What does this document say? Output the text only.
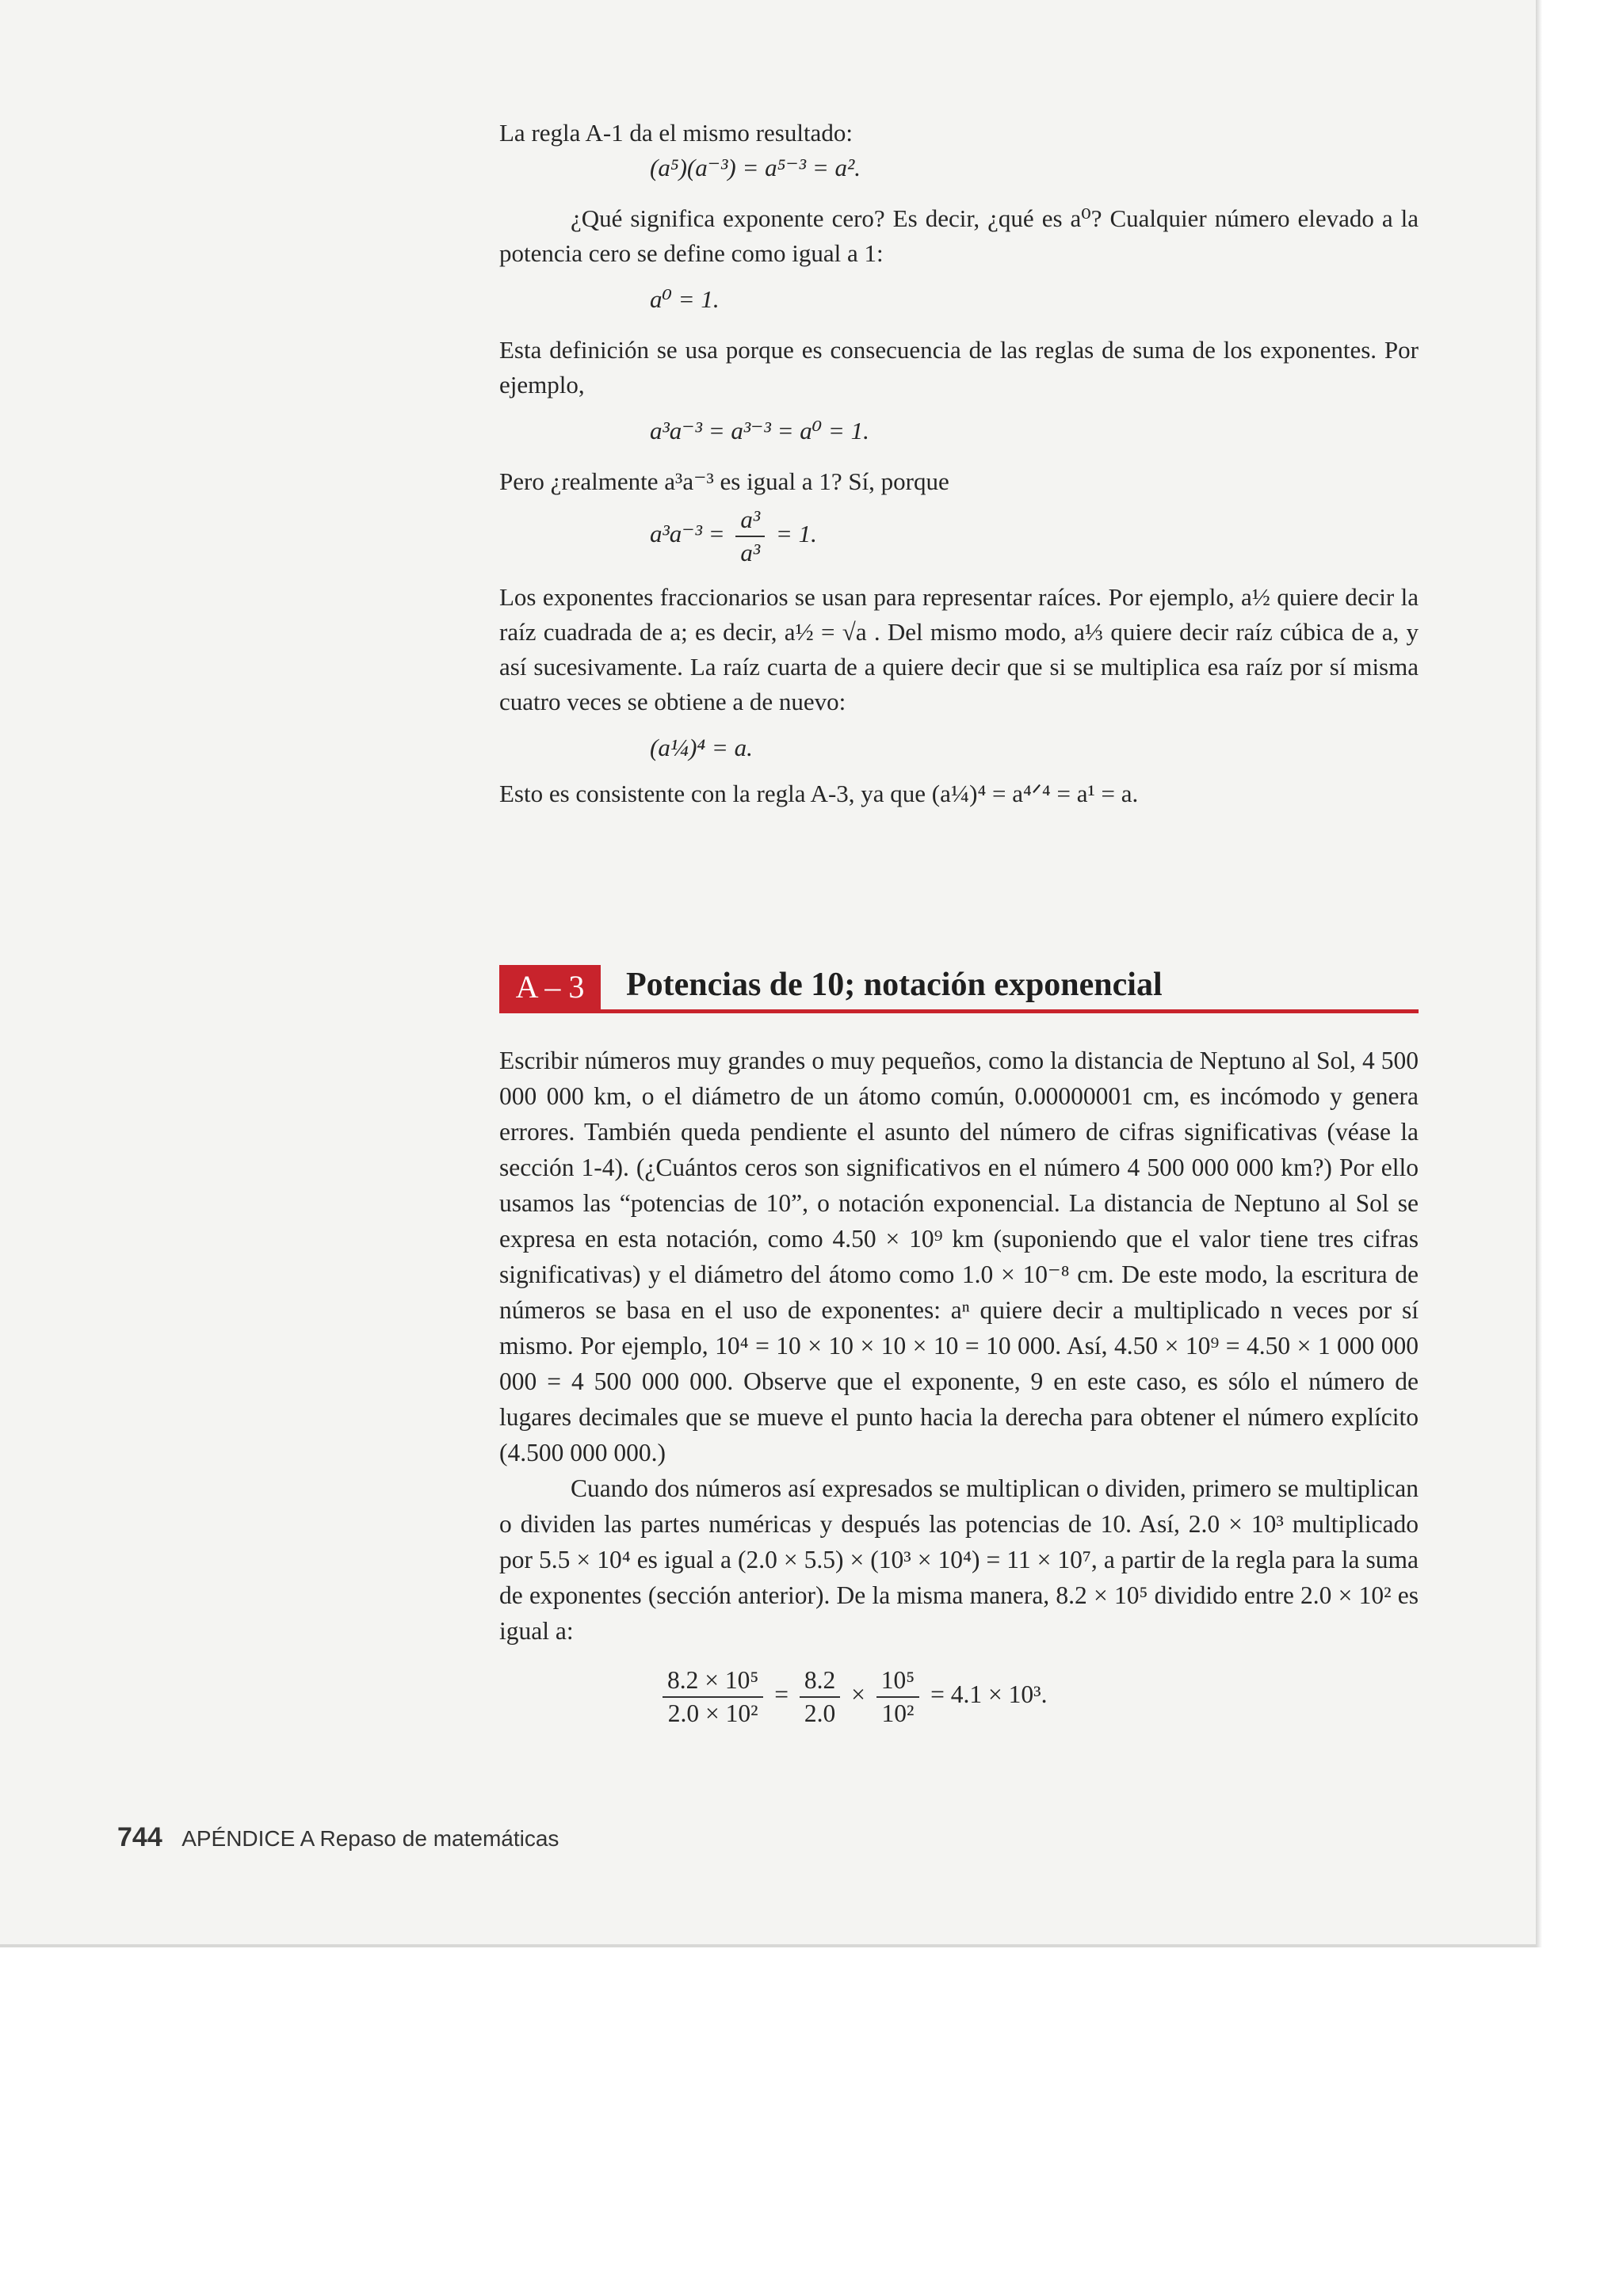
La regla A-1 da el mismo resultado:

(a⁵)(a⁻³) = a⁵⁻³ = a².

¿Qué significa exponente cero? Es decir, ¿qué es a⁰? Cualquier número elevado a la potencia cero se define como igual a 1:

a⁰ = 1.

Esta definición se usa porque es consecuencia de las reglas de suma de los exponentes. Por ejemplo,

a³a⁻³ = a³⁻³ = a⁰ = 1.

Pero ¿realmente a³a⁻³ es igual a 1? Sí, porque

$a^3a^{-3} = \frac{\text{a³}}{\text{a³}} = 1$.

Los exponentes fraccionarios se usan para representar raíces. Por ejemplo, a½ quiere decir la raíz cuadrada de a; es decir, a½ = √a . Del mismo modo, a⅓ quiere decir raíz cúbica de a, y así sucesivamente. La raíz cuarta de a quiere decir que si se multiplica esa raíz por sí misma cuatro veces se obtiene a de nuevo:

(a¼)⁴ = a.

Esto es consistente con la regla A-3, ya que (a¼)⁴ = a⁴ᐟ⁴ = a¹ = a.

A – 3	Potencias de 10; notación exponencial

Escribir números muy grandes o muy pequeños, como la distancia de Neptuno al Sol, 4 500 000 000 km, o el diámetro de un átomo común, 0.00000001 cm, es incómodo y genera errores. También queda pendiente el asunto del número de cifras significativas (véase la sección 1-4). (¿Cuántos ceros son significativos en el número 4 500 000 000 km?) Por ello usamos las “potencias de 10”, o notación exponencial. La distancia de Neptuno al Sol se expresa en esta notación, como 4.50 × 10⁹ km (suponiendo que el valor tiene tres cifras significativas) y el diámetro del átomo como 1.0 × 10⁻⁸ cm. De este modo, la escritura de números se basa en el uso de exponentes: aⁿ quiere decir a multiplicado n veces por sí mismo. Por ejemplo, 10⁴ = 10 × 10 × 10 × 10 = 10 000. Así, 4.50 × 10⁹ = 4.50 × 1 000 000 000 = 4 500 000 000. Observe que el exponente, 9 en este caso, es sólo el número de lugares decimales que se mueve el punto hacia la derecha para obtener el número explícito (4.500 000 000.)

Cuando dos números así expresados se multiplican o dividen, primero se multiplican o dividen las partes numéricas y después las potencias de 10. Así, 2.0 × 10³ multiplicado por 5.5 × 10⁴ es igual a (2.0 × 5.5) × (10³ × 10⁴) = 11 × 10⁷, a partir de la regla para la suma de exponentes (sección anterior). De la misma manera, 8.2 × 10⁵ dividido entre 2.0 × 10² es igual a:

$\frac{\text{8.2 × 10⁵}}{\text{2.0 × 10²}} = \frac{8.2}{2.0} \times \frac{\text{10⁵}}{\text{10²}} = 4.1 \times 10^3$.

744 APÉNDICE A Repaso de matemáticas
